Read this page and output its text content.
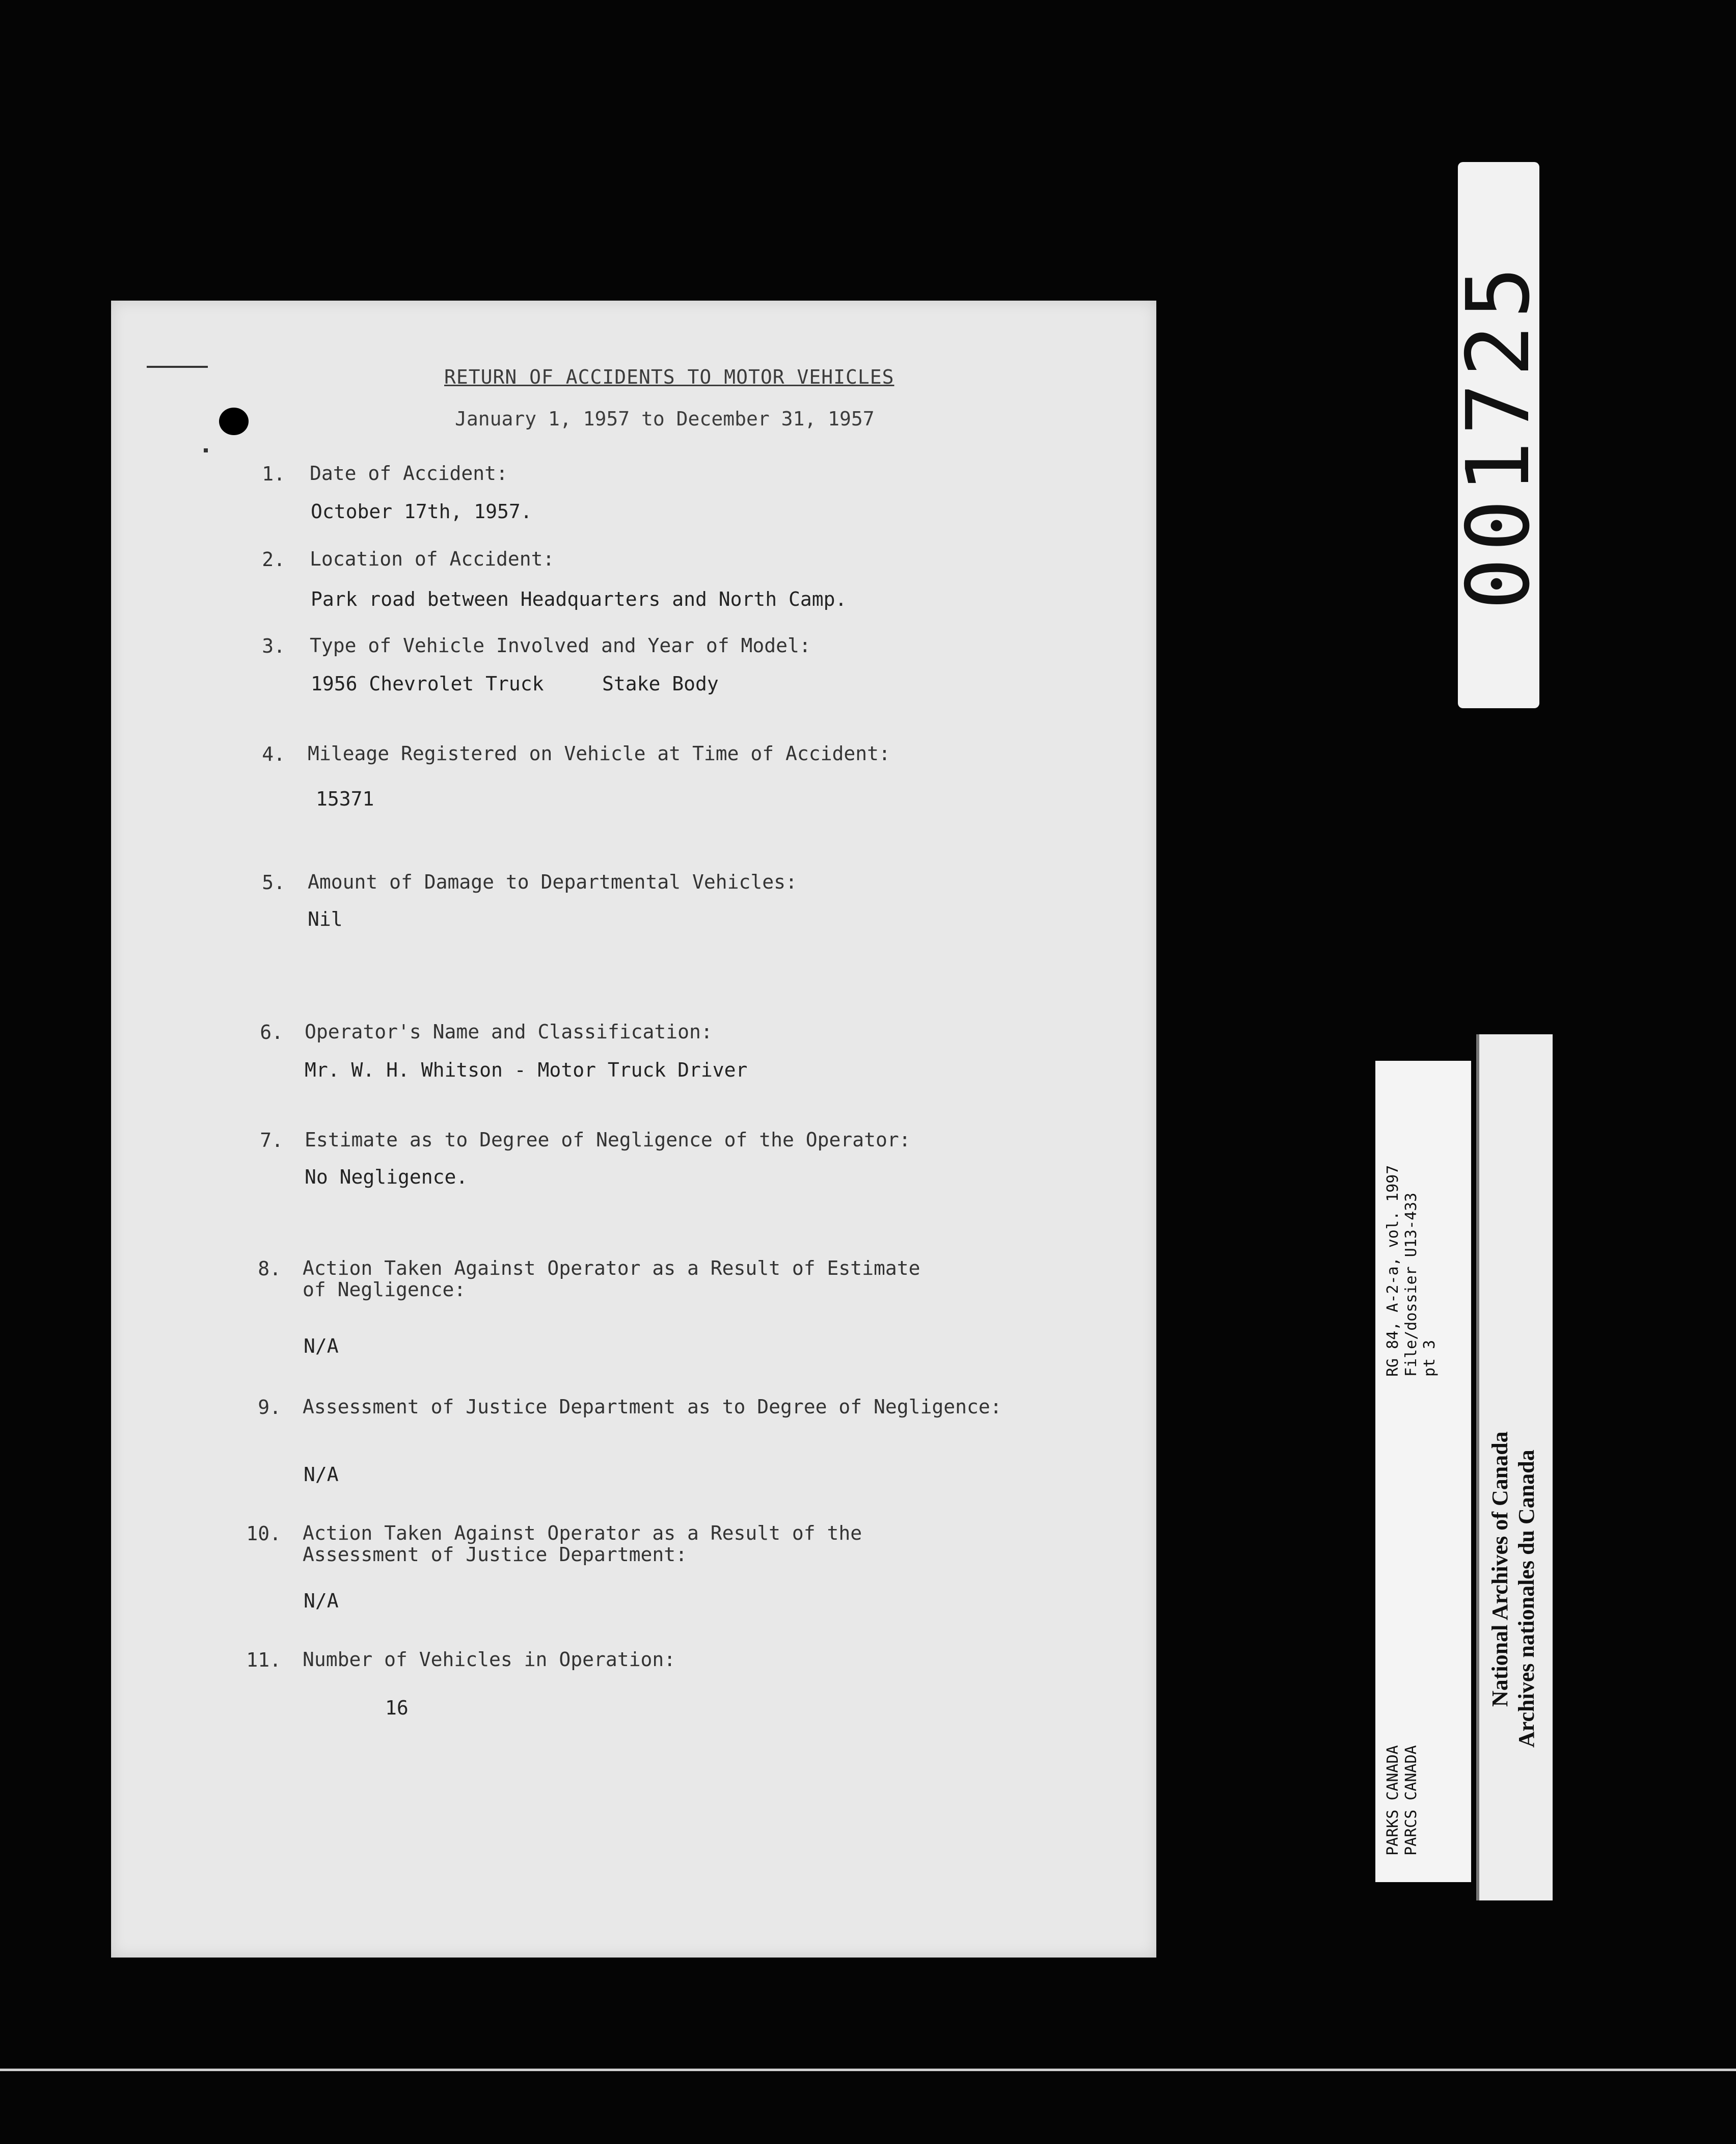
RETURN OF ACCIDENTS TO MOTOR VEHICLES
January 1, 1957 to December 31, 1957
1. Date of Accident:
October 17th, 1957.
2. Location of Accident:
Park road between Headquarters and North Camp.
3. Type of Vehicle Involved and Year of Model:
1956 Chevrolet Truck     Stake Body
4. Mileage Registered on Vehicle at Time of Accident:
15371
5. Amount of Damage to Departmental Vehicles:
Nil
6. Operator's Name and Classification:
Mr. W. H. Whitson - Motor Truck Driver
7. Estimate as to Degree of Negligence of the Operator:
No Negligence.
8. Action Taken Against Operator as a Result of Estimate of Negligence:
N/A
9. Assessment of Justice Department as to Degree of Negligence:
N/A
10. Action Taken Against Operator as a Result of the Assessment of Justice Department:
N/A
11. Number of Vehicles in Operation:
16
001725
PARKS CANADA PARCS CANADA
RG 84, A-2-a, vol. 1997 File/dossier U13-433 pt 3
National Archives of Canada Archives nationales du Canada
